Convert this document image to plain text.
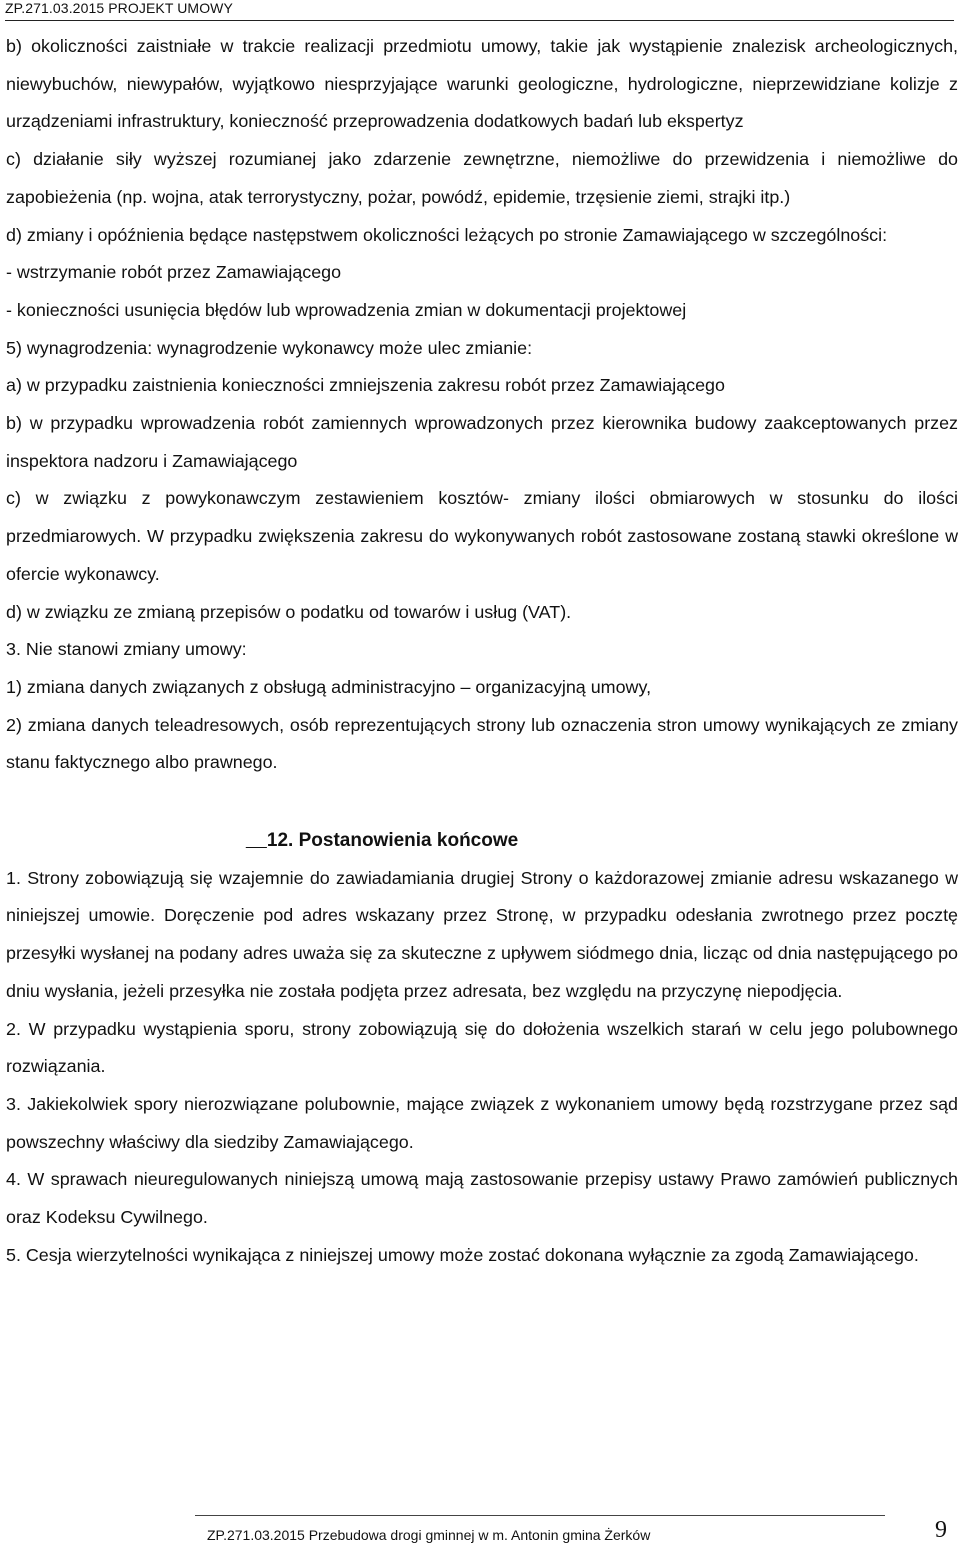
ZP.271.03.2015 PROJEKT UMOWY

b) okoliczności zaistniałe w trakcie realizacji przedmiotu umowy, takie jak wystąpienie znalezisk archeologicznych, niewybuchów, niewypałów, wyjątkowo niesprzyjające warunki geologiczne, hydrologiczne, nieprzewidziane kolizje z urządzeniami infrastruktury, konieczność przeprowadzenia dodatkowych badań lub ekspertyz

c) działanie siły wyższej rozumianej jako zdarzenie zewnętrzne, niemożliwe do przewidzenia i niemożliwe do zapobieżenia (np. wojna, atak terrorystyczny, pożar, powódź, epidemie, trzęsienie ziemi, strajki itp.)

d) zmiany i opóźnienia będące następstwem okoliczności leżących po stronie Zamawiającego w szczególności:

- wstrzymanie robót przez Zamawiającego

- konieczności usunięcia błędów lub wprowadzenia zmian w dokumentacji projektowej

5) wynagrodzenia: wynagrodzenie wykonawcy może ulec zmianie:

a) w przypadku zaistnienia konieczności zmniejszenia zakresu robót przez Zamawiającego

b) w przypadku wprowadzenia robót zamiennych wprowadzonych przez kierownika budowy zaakceptowanych przez inspektora nadzoru i Zamawiającego

c) w związku z powykonawczym zestawieniem kosztów- zmiany ilości obmiarowych w stosunku do ilości przedmiarowych. W przypadku zwiększenia zakresu do wykonywanych robót zastosowane zostaną stawki określone w ofercie wykonawcy.

d) w związku ze zmianą przepisów o podatku od towarów i usług (VAT).

3. Nie stanowi zmiany umowy:

1) zmiana danych związanych z obsługą administracyjno – organizacyjną umowy,

2) zmiana danych teleadresowych, osób reprezentujących strony lub oznaczenia stron umowy wynikających ze zmiany stanu faktycznego albo prawnego.

12. Postanowienia końcowe

1. Strony zobowiązują się wzajemnie do zawiadamiania drugiej Strony o każdorazowej zmianie adresu wskazanego w niniejszej umowie. Doręczenie pod adres wskazany przez Stronę, w przypadku odesłania zwrotnego przez pocztę przesyłki wysłanej na podany adres uważa się za skuteczne z upływem siódmego dnia, licząc od dnia następującego po dniu wysłania, jeżeli przesyłka nie została podjęta przez adresata, bez względu na przyczynę niepodjęcia.

2. W przypadku wystąpienia sporu, strony zobowiązują się do dołożenia wszelkich starań w celu jego polubownego rozwiązania.

3. Jakiekolwiek spory nierozwiązane polubownie, mające związek z wykonaniem umowy będą rozstrzygane przez sąd powszechny właściwy dla siedziby Zamawiającego.

4. W sprawach nieuregulowanych niniejszą umową mają zastosowanie przepisy ustawy Prawo zamówień publicznych oraz Kodeksu Cywilnego.

5. Cesja wierzytelności wynikająca z niniejszej umowy może zostać dokonana wyłącznie za zgodą Zamawiającego.

ZP.271.03.2015 Przebudowa drogi gminnej w m. Antonin gmina Żerków	9
